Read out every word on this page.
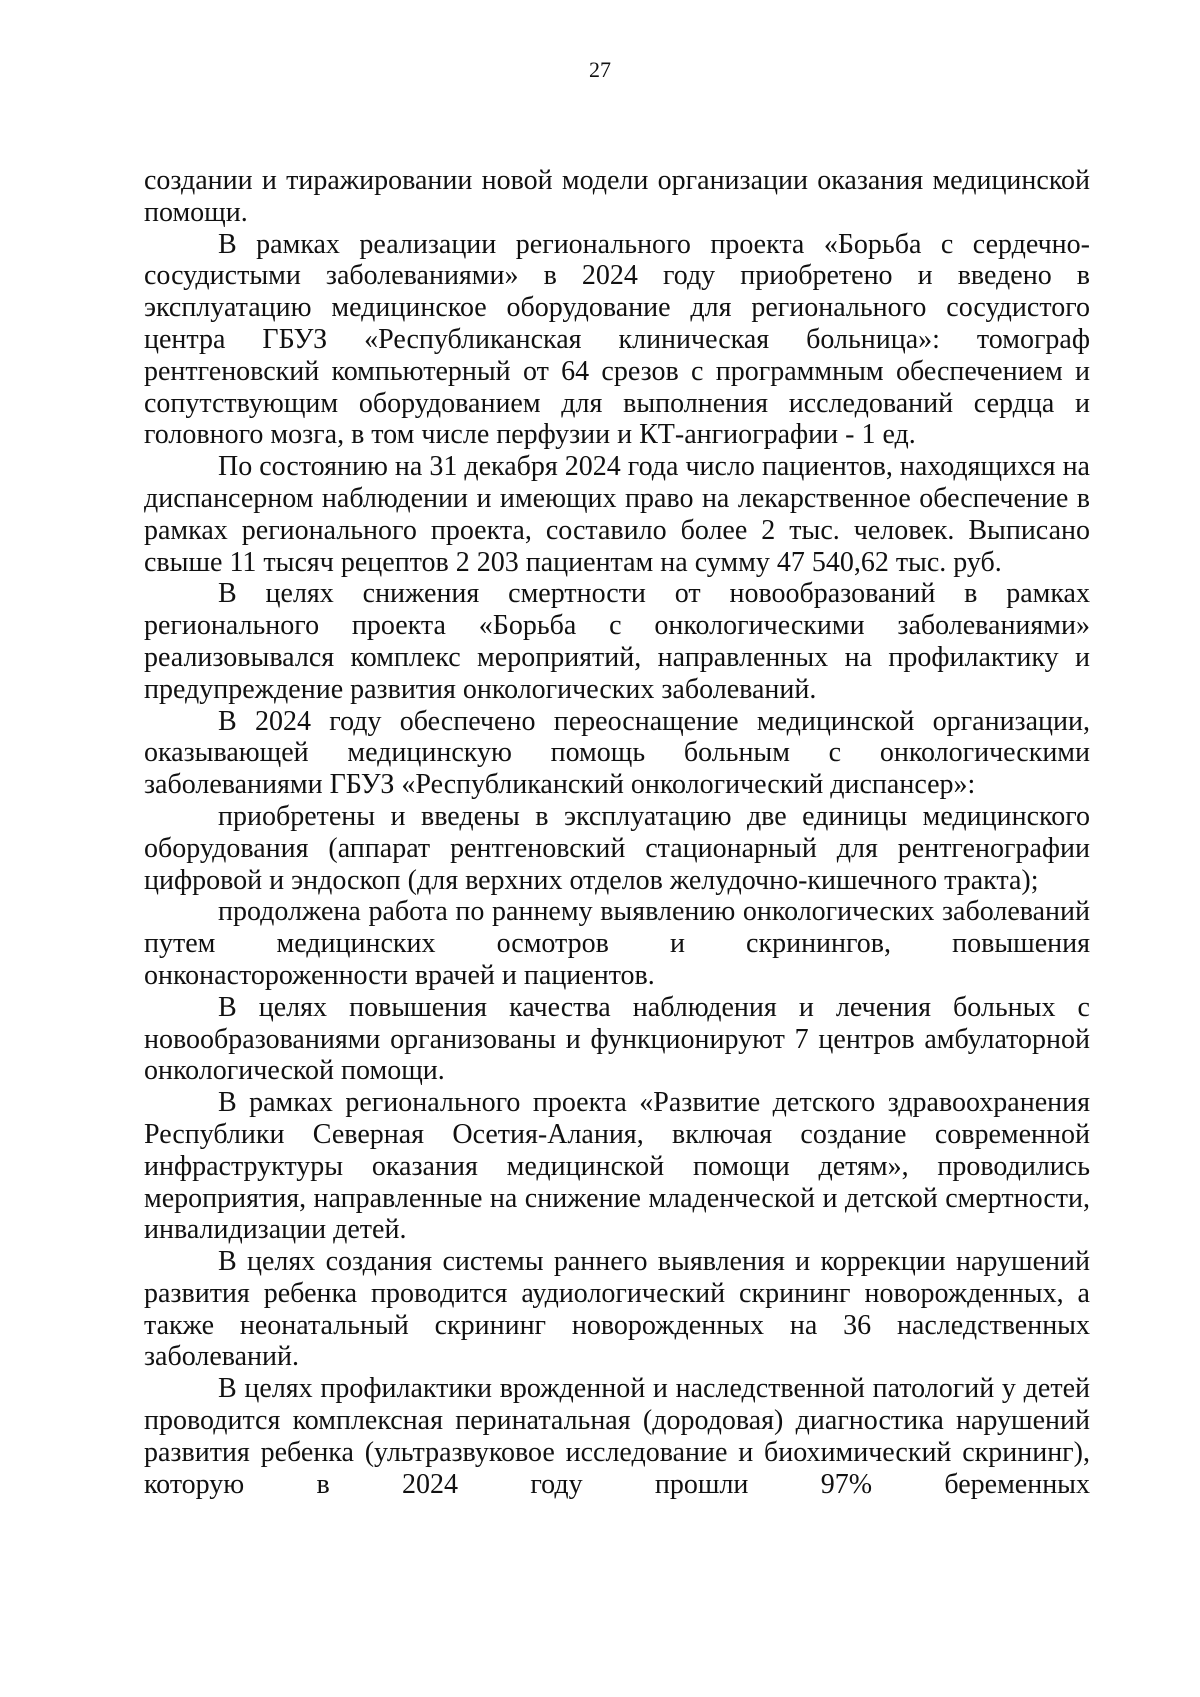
27

создании и тиражировании новой модели организации оказания медицинской помощи.

В рамках реализации регионального проекта «Борьба с сердечно-сосудистыми заболеваниями» в 2024 году приобретено и введено в эксплуатацию медицинское оборудование для регионального сосудистого центра ГБУЗ «Республиканская клиническая больница»: томограф рентгеновский компьютерный от 64 срезов с программным обеспечением и сопутствующим оборудованием для выполнения исследований сердца и головного мозга, в том числе перфузии и КТ-ангиографии - 1 ед.

По состоянию на 31 декабря 2024 года число пациентов, находящихся на диспансерном наблюдении и имеющих право на лекарственное обеспечение в рамках регионального проекта, составило более 2 тыс. человек. Выписано свыше 11 тысяч рецептов 2 203 пациентам на сумму 47 540,62 тыс. руб.

В целях снижения смертности от новообразований в рамках регионального проекта «Борьба с онкологическими заболеваниями» реализовывался комплекс мероприятий, направленных на профилактику и предупреждение развития онкологических заболеваний.

В 2024 году обеспечено переоснащение медицинской организации, оказывающей медицинскую помощь больным с онкологическими заболеваниями ГБУЗ «Республиканский онкологический диспансер»:

приобретены и введены в эксплуатацию две единицы медицинского оборудования (аппарат рентгеновский стационарный для рентгенографии цифровой и эндоскоп (для верхних отделов желудочно-кишечного тракта);

продолжена работа по раннему выявлению онкологических заболеваний путем медицинских осмотров и скринингов, повышения онконастороженности врачей и пациентов.

В целях повышения качества наблюдения и лечения больных с новообразованиями организованы и функционируют 7 центров амбулаторной онкологической помощи.

В рамках регионального проекта «Развитие детского здравоохранения Республики Северная Осетия-Алания, включая создание современной инфраструктуры оказания медицинской помощи детям», проводились мероприятия, направленные на снижение младенческой и детской смертности, инвалидизации детей.

В целях создания системы раннего выявления и коррекции нарушений развития ребенка проводится аудиологический скрининг новорожденных, а также неонатальный скрининг новорожденных на 36 наследственных заболеваний.

В целях профилактики врожденной и наследственной патологий у детей проводится комплексная перинатальная (дородовая) диагностика нарушений развития ребенка (ультразвуковое исследование и биохимический скрининг), которую в 2024 году прошли 97% беременных
